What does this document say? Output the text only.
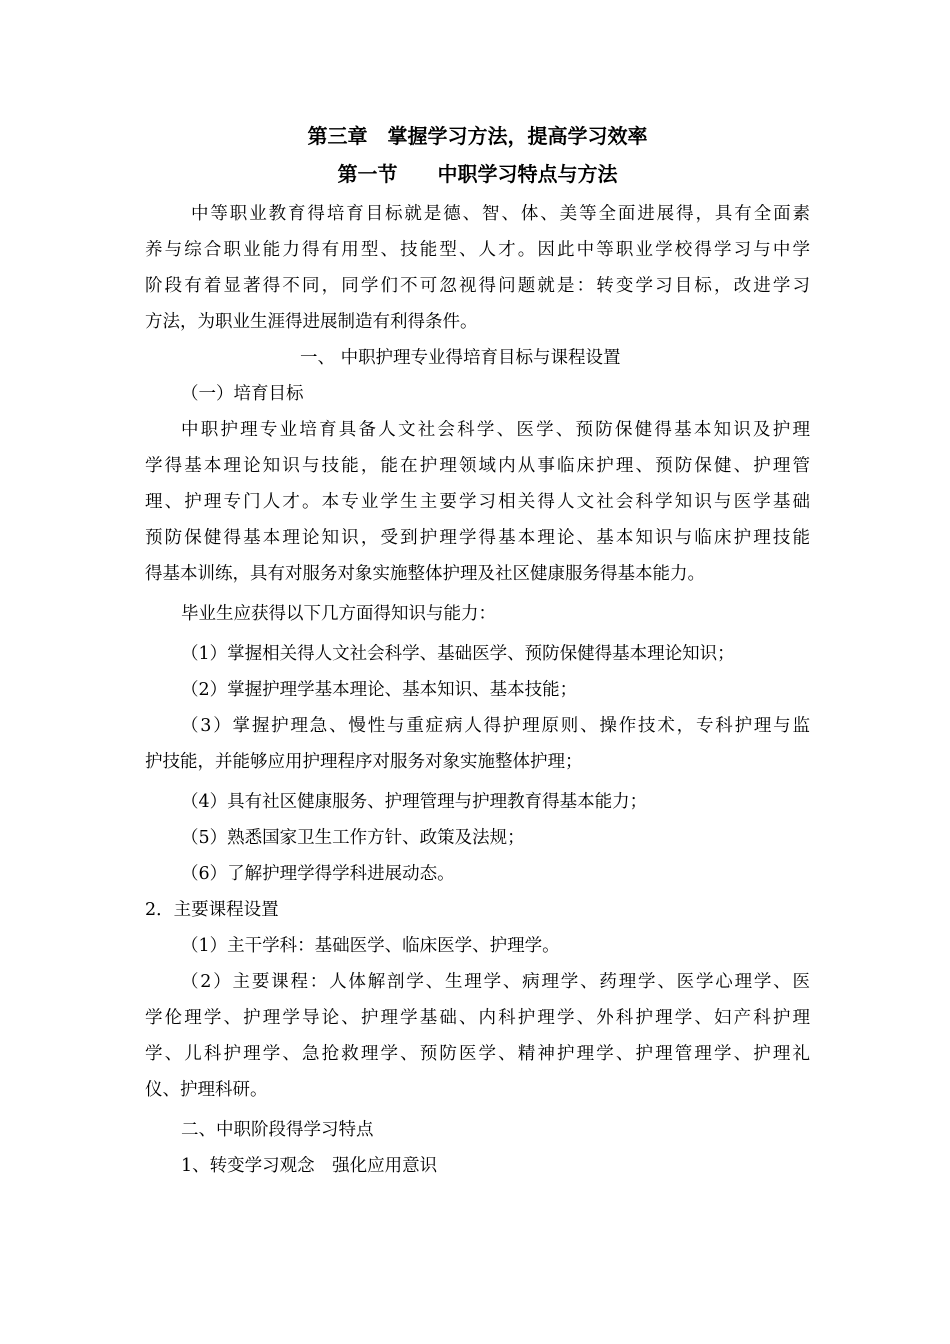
第三章　掌握学习方法，提高学习效率
第一节　　中职学习特点与方法
中等职业教育得培育目标就是德、智、体、美等全面进展得，具有全面素
养与综合职业能力得有用型、技能型、人才。因此中等职业学校得学习与中学
阶段有着显著得不同，同学们不可忽视得问题就是：转变学习目标，改进学习
方法，为职业生涯得进展制造有利得条件。
一、 中职护理专业得培育目标与课程设置
（一）培育目标
中职护理专业培育具备人文社会科学、医学、预防保健得基本知识及护理
学得基本理论知识与技能，能在护理领域内从事临床护理、预防保健、护理管
理、护理专门人才。本专业学生主要学习相关得人文社会科学知识与医学基础
预防保健得基本理论知识，受到护理学得基本理论、基本知识与临床护理技能
得基本训练，具有对服务对象实施整体护理及社区健康服务得基本能力。
毕业生应获得以下几方面得知识与能力：
（1）掌握相关得人文社会科学、基础医学、预防保健得基本理论知识；
（2）掌握护理学基本理论、基本知识、基本技能；
（3）掌握护理急、慢性与重症病人得护理原则、操作技术，专科护理与监
护技能，并能够应用护理程序对服务对象实施整体护理；
（4）具有社区健康服务、护理管理与护理教育得基本能力；
（5）熟悉国家卫生工作方针、政策及法规；
（6）了解护理学得学科进展动态。
2．主要课程设置
（1）主干学科：基础医学、临床医学、护理学。
（2）主要课程：人体解剖学、生理学、病理学、药理学、医学心理学、医
学伦理学、护理学导论、护理学基础、内科护理学、外科护理学、妇产科护理
学、儿科护理学、急抢救理学、预防医学、精神护理学、护理管理学、护理礼
仪、护理科研。
二、中职阶段得学习特点
1、转变学习观念　强化应用意识
